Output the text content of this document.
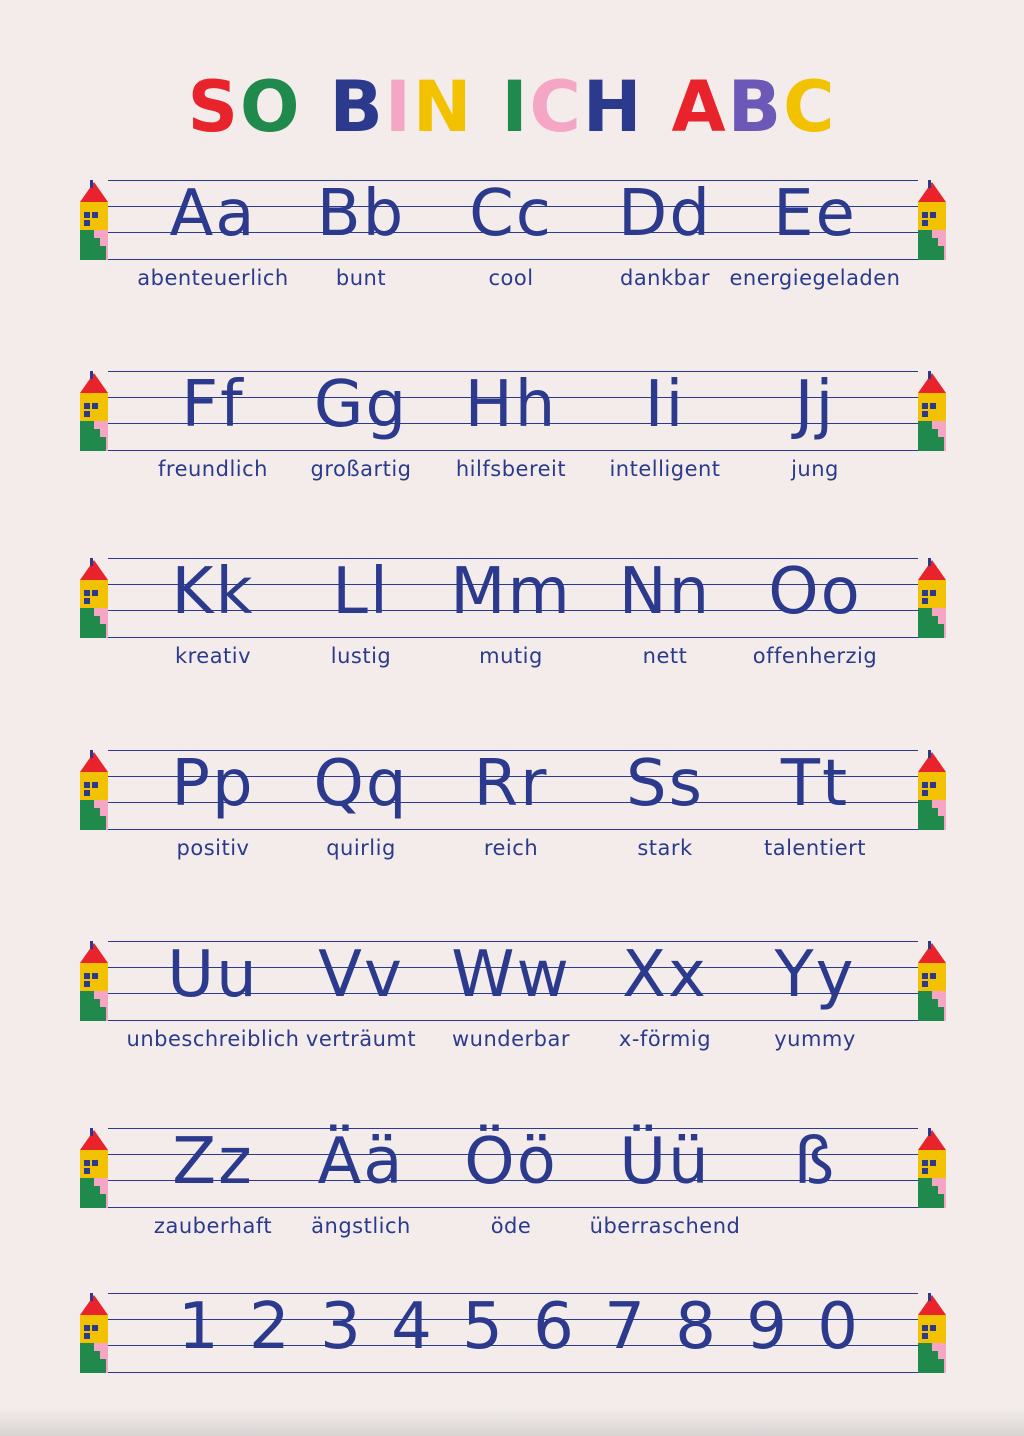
SO BIN ICH ABC
Aa
abenteuerlich
Bb
bunt
Cc
cool
Dd
dankbar
Ee
energiegeladen
Ff
freundlich
Gg
großartig
Hh
hilfsbereit
Ii
intelligent
Jj
jung
Kk
kreativ
Ll
lustig
Mm
mutig
Nn
nett
Oo
offenherzig
Pp
positiv
Qq
quirlig
Rr
reich
Ss
stark
Tt
talentiert
Uu
unbeschreiblich
Vv
verträumt
Ww
wunderbar
Xx
x-förmig
Yy
yummy
Zz
zauberhaft
Ää
ängstlich
Öö
öde
Üü
überraschend
ß
1 2 3 4 5 6 7 8 9 0
